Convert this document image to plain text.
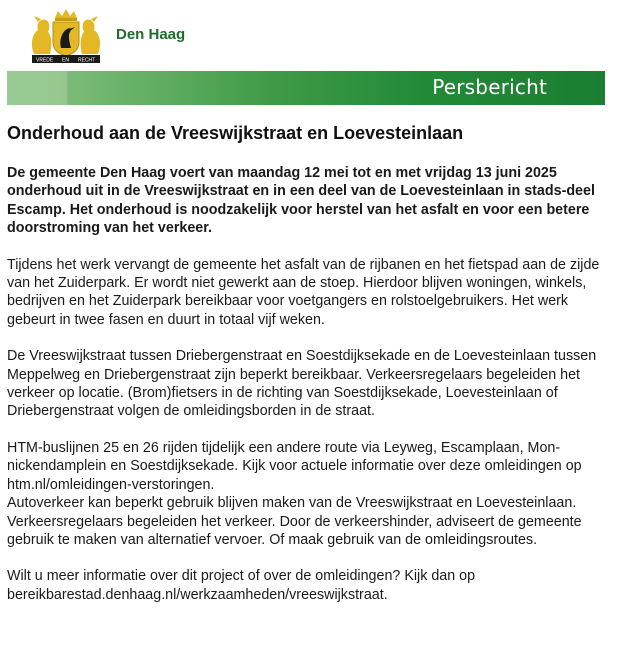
VREDE EN RECHT
Den Haag
Persbericht
Onderhoud aan de Vreeswijkstraat en Loevesteinlaan

De gemeente Den Haag voert van maandag 12 mei tot en met vrijdag 13 juni 2025 onderhoud uit in de Vreeswijkstraat en in een deel van de Loevesteinlaan in stads-deel Escamp. Het onderhoud is noodzakelijk voor herstel van het asfalt en voor een betere doorstroming van het verkeer.

Tijdens het werk vervangt de gemeente het asfalt van de rijbanen en het fietspad aan de zijde van het Zuiderpark. Er wordt niet gewerkt aan de stoep. Hierdoor blijven woningen, winkels, bedrijven en het Zuiderpark bereikbaar voor voetgangers en rolstoelgebruikers. Het werk gebeurt in twee fasen en duurt in totaal vijf weken.

De Vreeswijkstraat tussen Driebergenstraat en Soestdijksekade en de Loevesteinlaan tussen Meppelweg en Driebergenstraat zijn beperkt bereikbaar. Verkeersregelaars begeleiden het verkeer op locatie. (Brom)fietsers in de richting van Soestdijksekade, Loevesteinlaan of Driebergenstraat volgen de omleidingsborden in de straat.

HTM-buslijnen 25 en 26 rijden tijdelijk een andere route via Leyweg, Escamplaan, Mon-nickendamplein en Soestdijksekade. Kijk voor actuele informatie over deze omleidingen op htm.nl/omleidingen-verstoringen.

Autoverkeer kan beperkt gebruik blijven maken van de Vreeswijkstraat en Loevesteinlaan. Verkeersregelaars begeleiden het verkeer. Door de verkeershinder, adviseert de gemeente gebruik te maken van alternatief vervoer. Of maak gebruik van de omleidingsroutes.

Wilt u meer informatie over dit project of over de omleidingen? Kijk dan op bereikbarestad.denhaag.nl/werkzaamheden/vreeswijkstraat.
